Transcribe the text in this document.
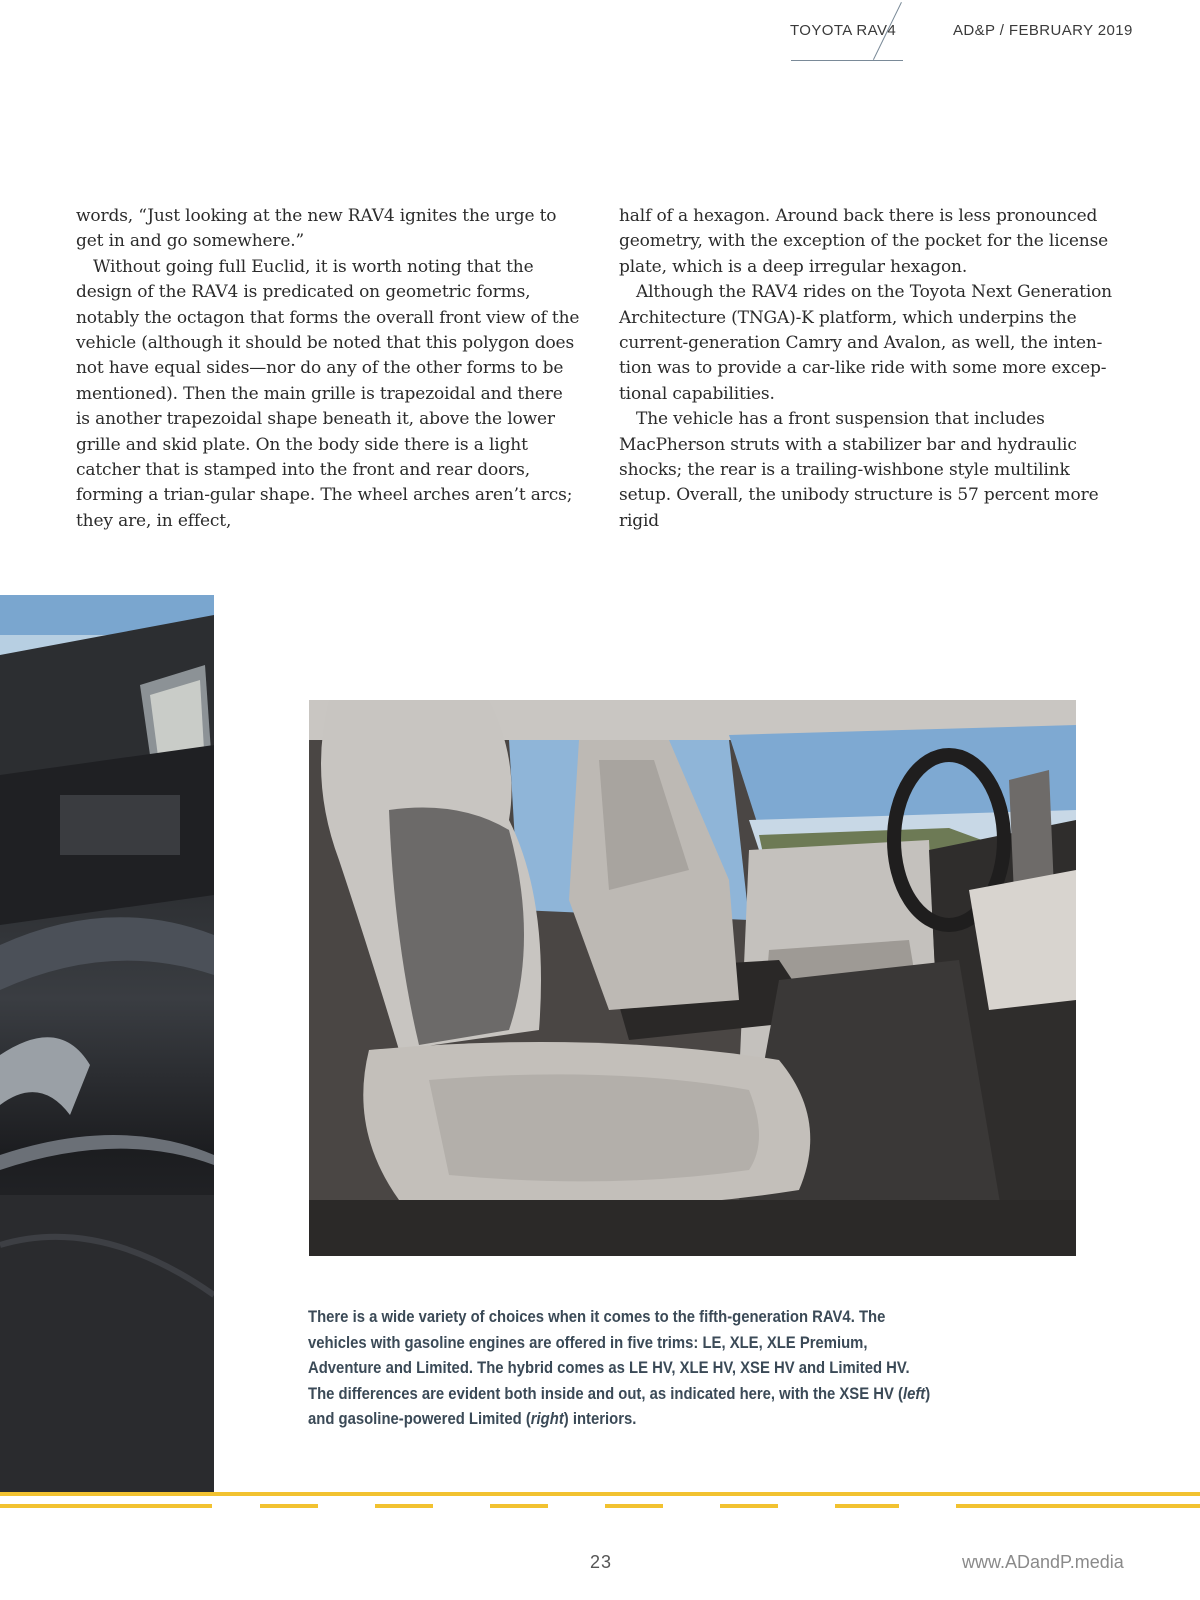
TOYOTA RAV4	AD&P / FEBRUARY 2019

words, “Just looking at the new RAV4 ignites the urge to get in and go somewhere.”

Without going full Euclid, it is worth noting that the design of the RAV4 is predicated on geometric forms, notably the octagon that forms the overall front view of the vehicle (although it should be noted that this polygon does not have equal sides—nor do any of the other forms to be mentioned). Then the main grille is trapezoidal and there is another trapezoidal shape beneath it, above the lower grille and skid plate. On the body side there is a light catcher that is stamped into the front and rear doors, forming a trian-gular shape. The wheel arches aren’t arcs; they are, in effect,

half of a hexagon. Around back there is less pronounced geometry, with the exception of the pocket for the license plate, which is a deep irregular hexagon.

Although the RAV4 rides on the Toyota Next Generation Architecture (TNGA)-K platform, which underpins the current-generation Camry and Avalon, as well, the inten-tion was to provide a car-like ride with some more excep-tional capabilities.

The vehicle has a front suspension that includes MacPherson struts with a stabilizer bar and hydraulic shocks; the rear is a trailing-wishbone style multilink setup. Overall, the unibody structure is 57 percent more rigid

There is a wide variety of choices when it comes to the fifth-generation RAV4. The vehicles with gasoline engines are offered in five trims: LE, XLE, XLE Premium, Adventure and Limited. The hybrid comes as LE HV, XLE HV, XSE HV and Limited HV. The differences are evident both inside and out, as indicated here, with the XSE HV (left) and gasoline-powered Limited (right) interiors.
23	www.ADandP.media
